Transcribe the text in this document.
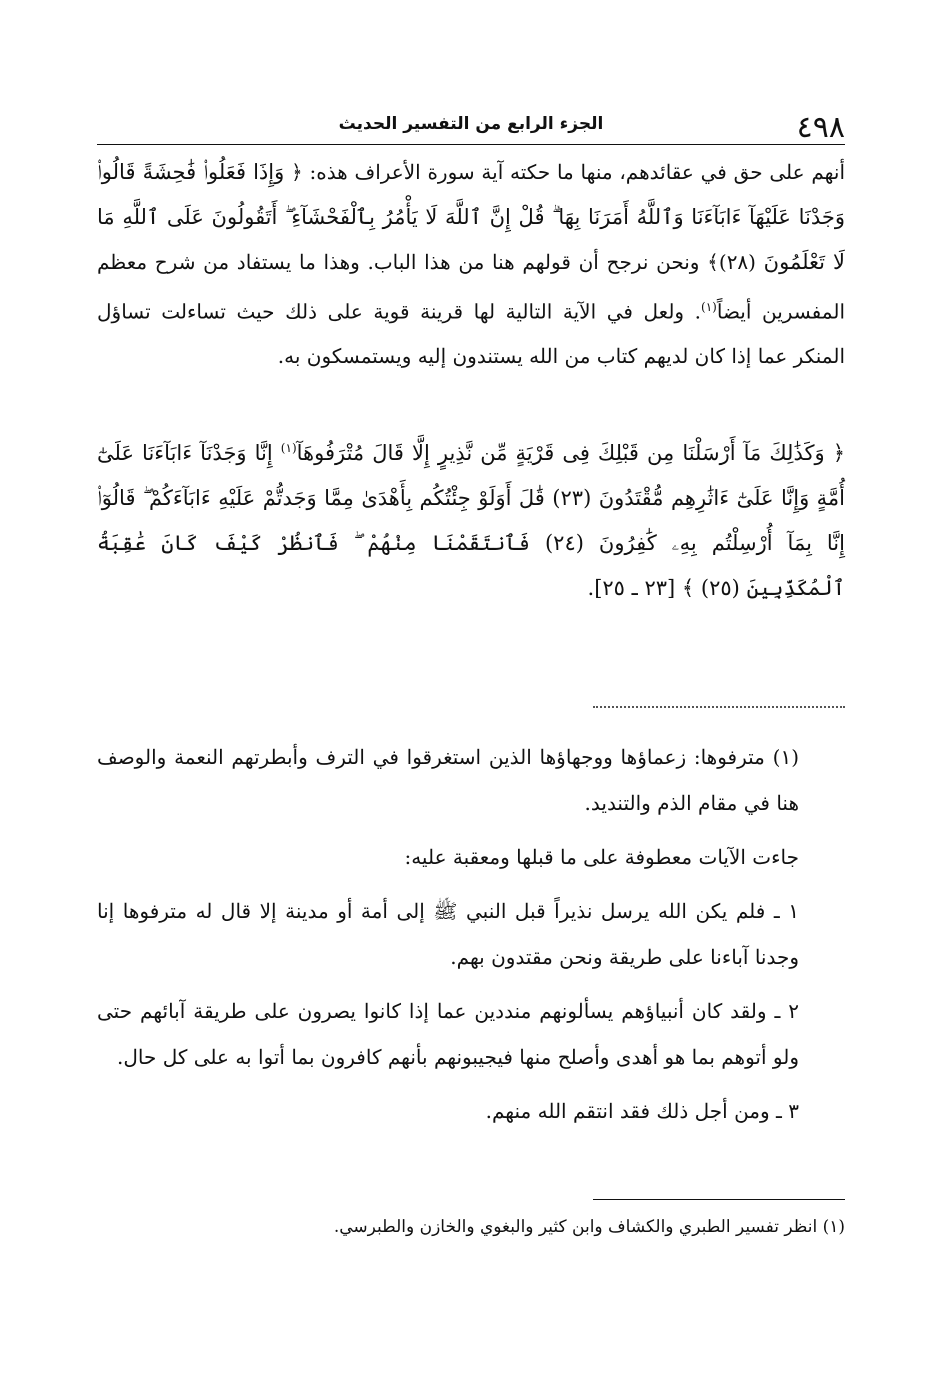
٤٩٨
الجزء الرابع من التفسير الحديث

أنهم على حق في عقائدهم، منها ما حكته آية سورة الأعراف هذه: ﴿ وَإِذَا فَعَلُوا۟ فَٰحِشَةً قَالُوا۟ وَجَدْنَا عَلَيْهَآ ءَابَآءَنَا وَٱللَّهُ أَمَرَنَا بِهَا ۗ قُلْ إِنَّ ٱللَّهَ لَا يَأْمُرُ بِٱلْفَحْشَآءِ ۖ أَتَقُولُونَ عَلَى ٱللَّهِ مَا لَا تَعْلَمُونَ (٢٨)﴾ ونحن نرجح أن قولهم هنا من هذا الباب. وهذا ما يستفاد من شرح معظم المفسرين أيضاً$^{(١)}$. ولعل في الآية التالية لها قرينة قوية على ذلك حيث تساءلت تساؤل المنكر عما إذا كان لديهم كتاب من الله يستندون إليه ويستمسكون به.

﴿ وَكَذَٰلِكَ مَآ أَرْسَلْنَا مِن قَبْلِكَ فِى قَرْيَةٍ مِّن نَّذِيرٍ إِلَّا قَالَ مُتْرَفُوهَآ$^{(١)}$ إِنَّا وَجَدْنَآ ءَابَآءَنَا عَلَىٰٓ أُمَّةٍ وَإِنَّا عَلَىٰٓ ءَاثَٰرِهِم مُّقْتَدُونَ (٢٣) قَٰلَ أَوَلَوْ جِئْتُكُم بِأَهْدَىٰ مِمَّا وَجَدتُّمْ عَلَيْهِ ءَابَآءَكُمْ ۖ قَالُوٓا۟ إِنَّا بِمَآ أُرْسِلْتُم بِهِۦ كَٰفِرُونَ (٢٤) فَٱنتَقَمْنَا مِنْهُمْ ۖ فَٱنظُرْ كَيْفَ كَانَ عَٰقِبَةُ ٱلْمُكَذِّبِينَ (٢٥) ﴾ [٢٣ ـ ٢٥].

(١) مترفوها: زعماؤها ووجهاؤها الذين استغرقوا في الترف وأبطرتهم النعمة والوصف هنا في مقام الذم والتنديد.

جاءت الآيات معطوفة على ما قبلها ومعقبة عليه:

١ ـ فلم يكن الله يرسل نذيراً قبل النبي ﷺ إلى أمة أو مدينة إلا قال له مترفوها إنا وجدنا آباءنا على طريقة ونحن مقتدون بهم.

٢ ـ ولقد كان أنبياؤهم يسألونهم منددين عما إذا كانوا يصرون على طريقة آبائهم حتى ولو أتوهم بما هو أهدى وأصلح منها فيجيبونهم بأنهم كافرون بما أتوا به على كل حال.

٣ ـ ومن أجل ذلك فقد انتقم الله منهم.

(١) انظر تفسير الطبري والكشاف وابن كثير والبغوي والخازن والطبرسي.
